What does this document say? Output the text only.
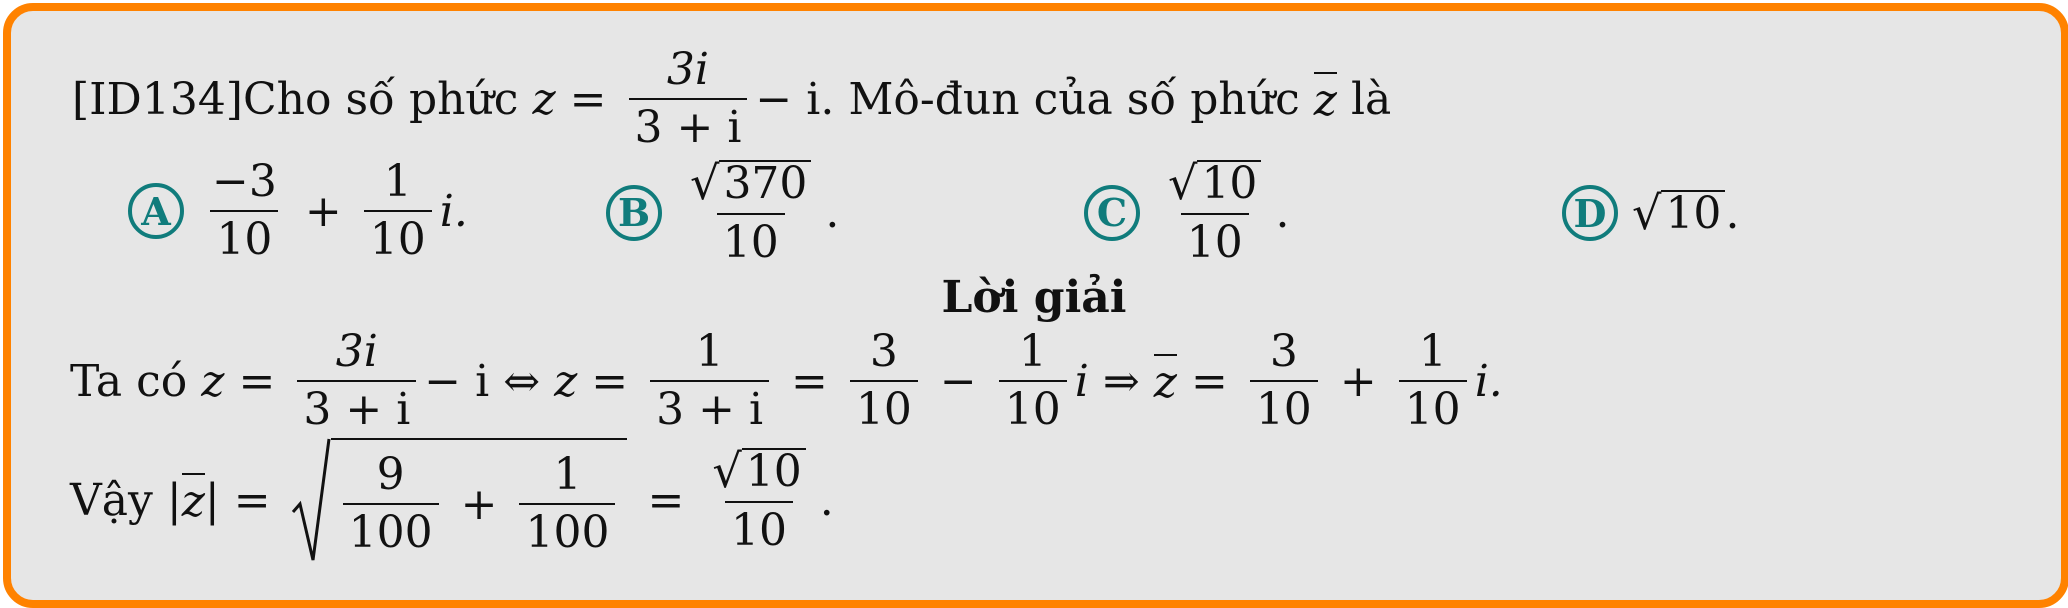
[ID134] Cho số phức $z = \frac{3i}{3 + i} - i$. Mô-đun của số phức z là
A $\frac{-3}{10} + \frac{1}{10} i$.	B $\frac{√ 370}{10}$ .	C $\frac{√ 10}{10}$ .	D √ 10 .
Lời giải
Ta có $z = \frac{3i}{3 + i} - i$ ⇔ $z = \frac{1}{3 + i} = \frac{3}{10} - \frac{1}{10}$ i ⇒ $z = \frac{3}{10} + \frac{1}{10} i$.
Vậy | z | = $\frac{9}{100} + \frac{1}{100} = \frac{√ 10}{10}$ .
